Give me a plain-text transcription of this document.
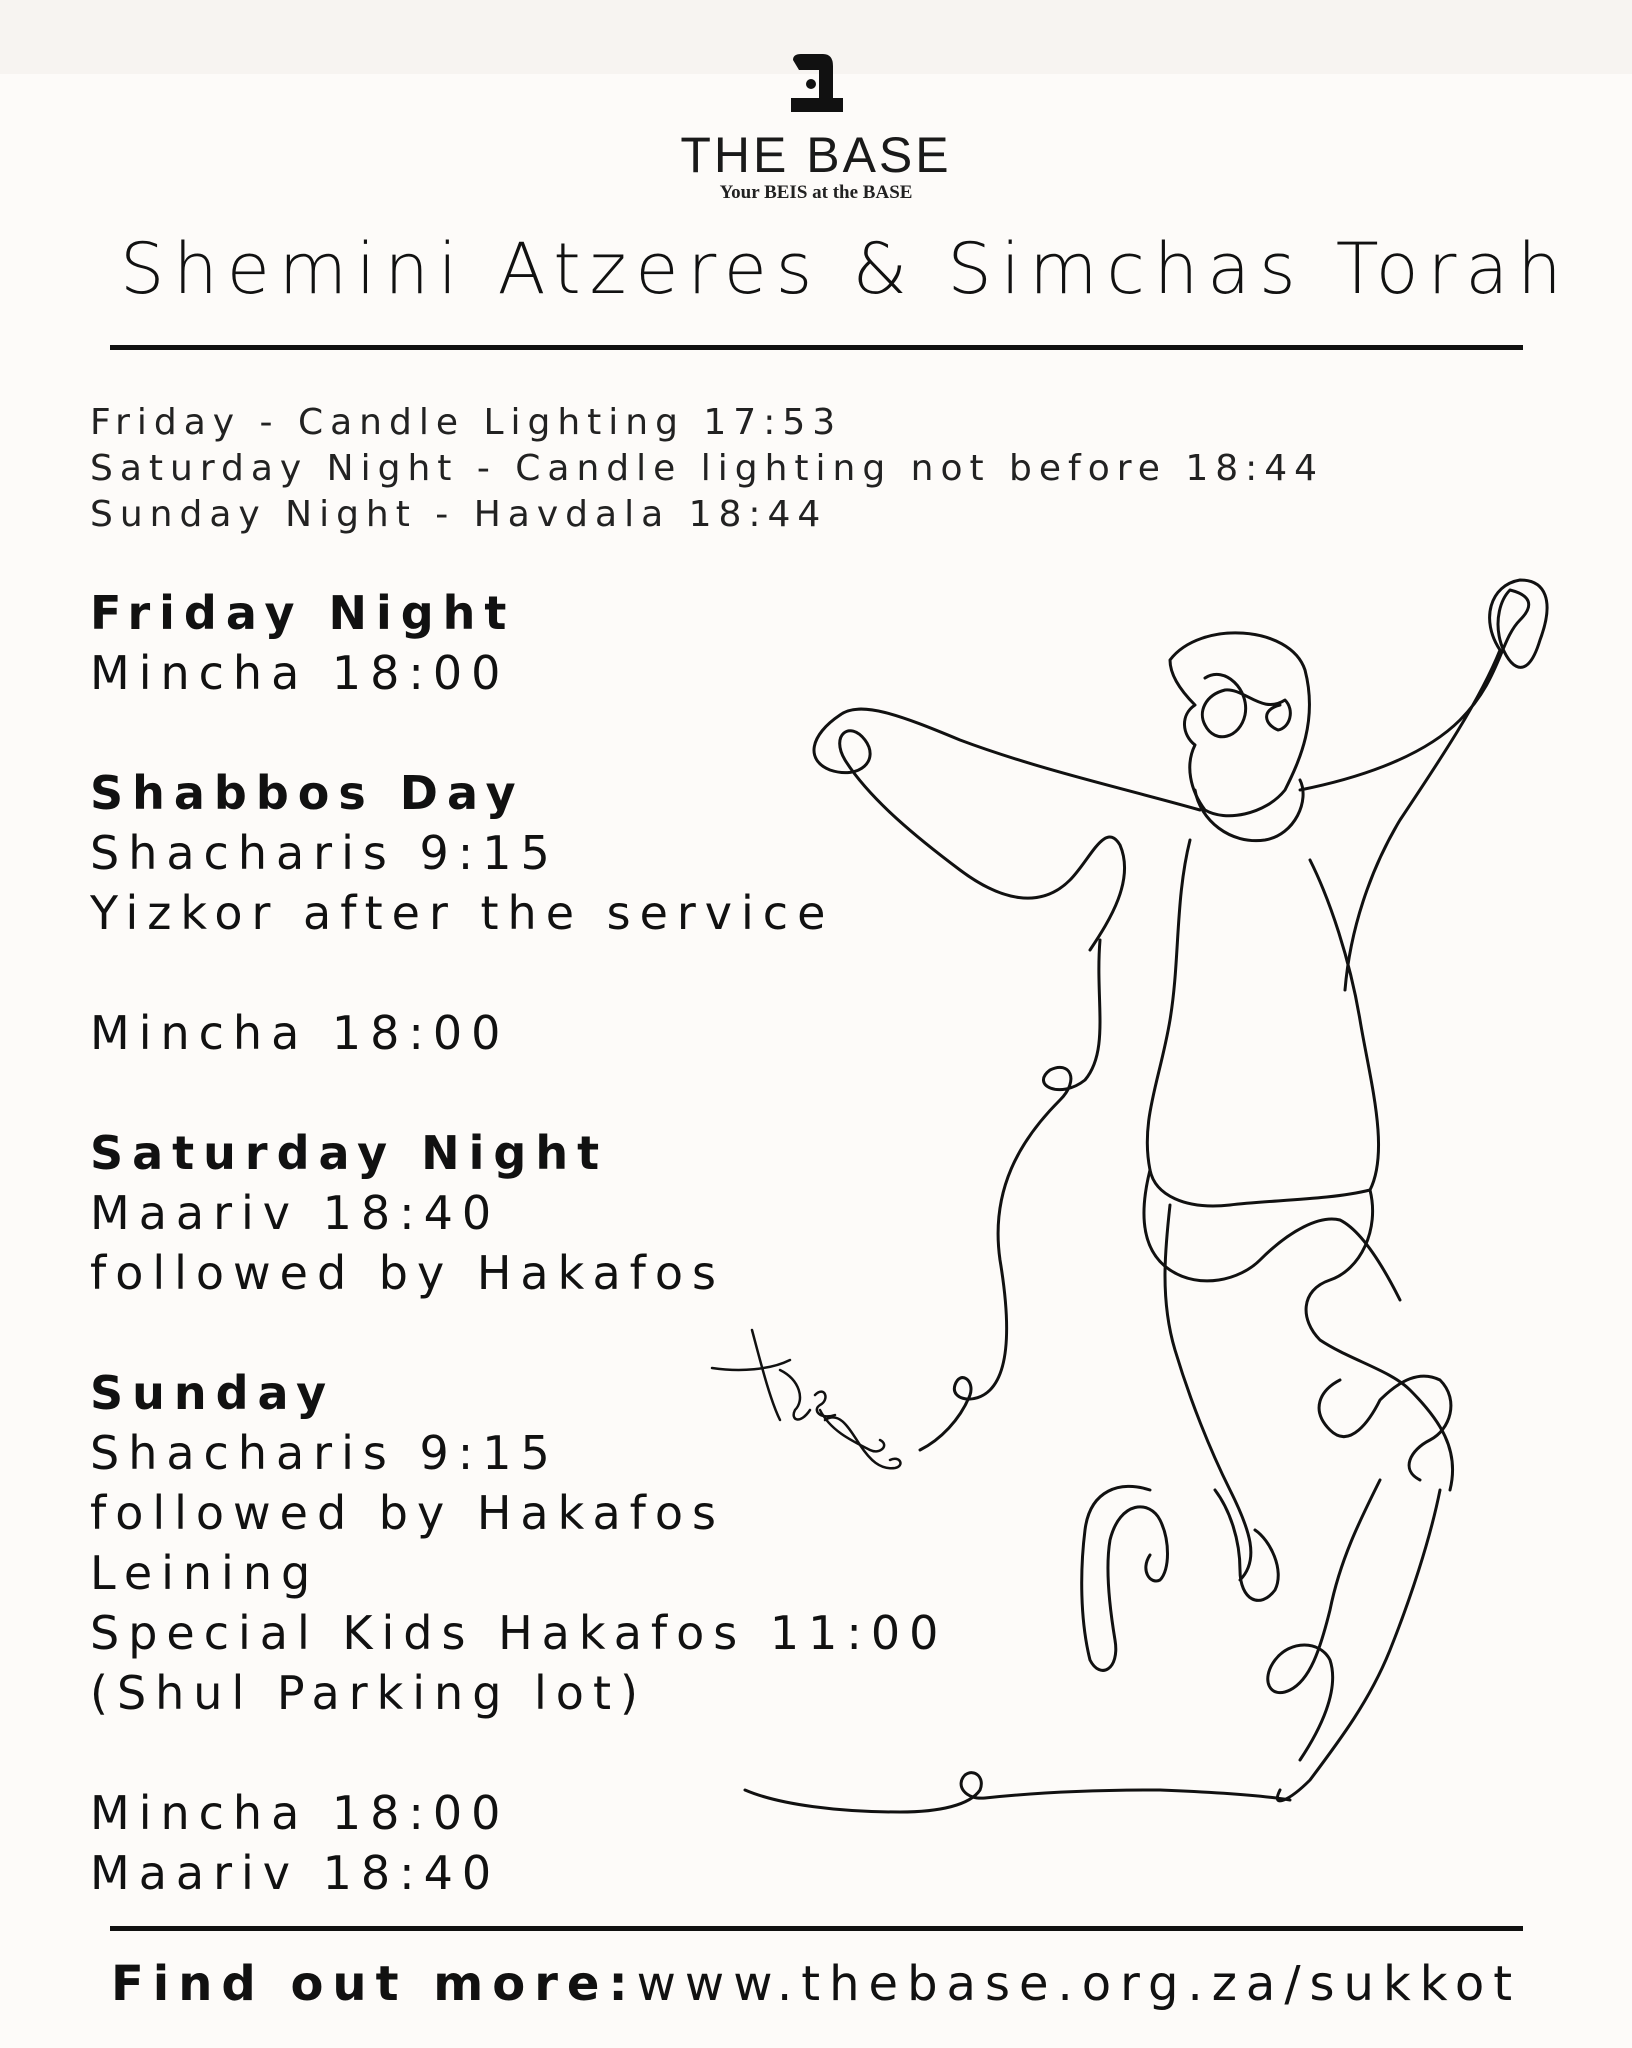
THE BASE
Your BEIS at the BASE
Shemini Atzeres & Simchas Torah
Friday - Candle Lighting 17:53
Saturday Night - Candle lighting not before 18:44
Sunday Night - Havdala 18:44
Friday Night
Mincha 18:00
Shabbos Day
Shacharis 9:15
Yizkor after the service
Mincha 18:00
Saturday Night
Maariv 18:40
followed by Hakafos
Sunday
Shacharis 9:15
followed by Hakafos
Leining
Special Kids Hakafos 11:00
(Shul Parking lot)
Mincha 18:00
Maariv 18:40
Find out more:www.thebase.org.za/sukkot
